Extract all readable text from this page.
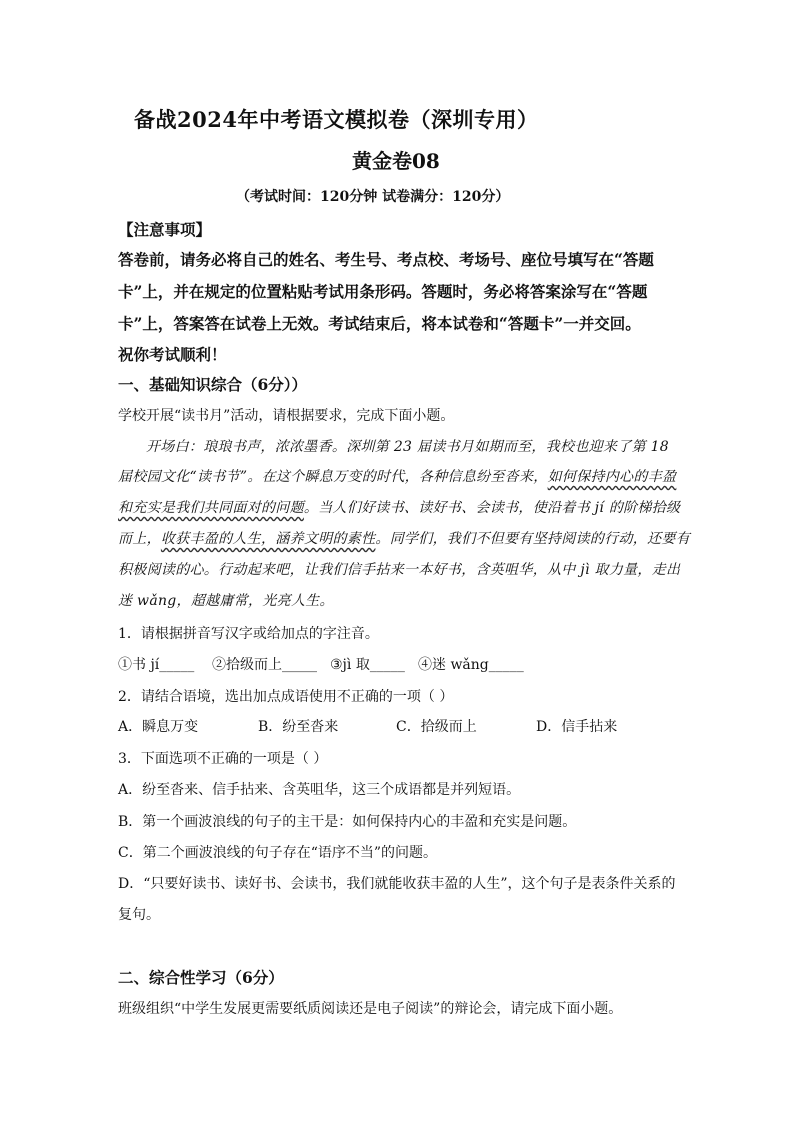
备战2024年中考语文模拟卷（深圳专用）
黄金卷08
（考试时间：120分钟 试卷满分：120分）
【注意事项】
答卷前，请务必将自己的姓名、考生号、考点校、考场号、座位号填写在“答题
卡”上，并在规定的位置粘贴考试用条形码。答题时，务必将答案涂写在“答题
卡”上，答案答在试卷上无效。考试结束后，将本试卷和“答题卡”一并交回。
祝你考试顺利！
一、基础知识综合（6分））
学校开展“读书月”活动，请根据要求，完成下面小题。
开场白：琅琅书声，浓浓墨香。深圳第 23 届读书月如期而至，我校也迎来了第 18
届校园文化“读书节”。在这个瞬息万变的时代，各种信息纷至沓来，如何保持内心的丰盈
和充实是我们共同面对的问题。当人们好读书、读好书、会读书，使沿着书 jí 的阶梯拾级
而上，收获丰盈的人生，涵养文明的素性。同学们，我们不但要有坚持阅读的行动，还要有
积极阅读的心。行动起来吧，让我们信手拈来一本好书，含英咀华，从中 jì 取力量，走出
迷 wǎng，超越庸常，光亮人生。
1．请根据拼音写汉字或给加点的字注音。
①书 jí_____ ②拾级而上_____ ③jì 取_____ ④迷 wǎng_____
2．请结合语境，选出加点成语使用不正确的一项（ ）
A．瞬息万变	B．纷至沓来	C．拾级而上	D．信手拈来
3．下面选项不正确的一项是（ ）
A．纷至沓来、信手拈来、含英咀华，这三个成语都是并列短语。
B．第一个画波浪线的句子的主干是：如何保持内心的丰盈和充实是问题。
C．第二个画波浪线的句子存在“语序不当”的问题。
D．“只要好读书、读好书、会读书，我们就能收获丰盈的人生”，这个句子是表条件关系的
复句。
二、综合性学习（6分）
班级组织“中学生发展更需要纸质阅读还是电子阅读”的辩论会，请完成下面小题。
